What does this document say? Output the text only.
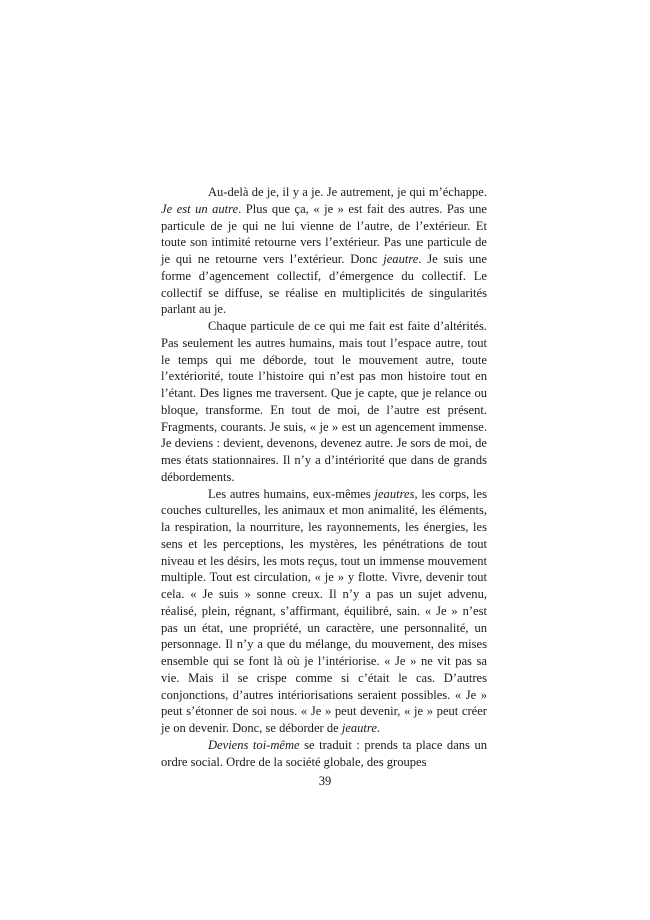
Au-delà de je, il y a je. Je autrement, je qui m’échappe. Je est un autre. Plus que ça, « je » est fait des autres. Pas une particule de je qui ne lui vienne de l’autre, de l’extérieur. Et toute son intimité retourne vers l’extérieur. Pas une particule de je qui ne retourne vers l’extérieur. Donc jeautre. Je suis une forme d’agencement collectif, d’émergence du collectif. Le collectif se diffuse, se réalise en multiplicités de singularités parlant au je.

Chaque particule de ce qui me fait est faite d’altérités. Pas seulement les autres humains, mais tout l’espace autre, tout le temps qui me déborde, tout le mouvement autre, toute l’extériorité, toute l’histoire qui n’est pas mon histoire tout en l’étant. Des lignes me traversent. Que je capte, que je relance ou bloque, transforme. En tout de moi, de l’autre est présent. Fragments, courants. Je suis, « je » est un agencement immense. Je deviens : devient, devenons, devenez autre. Je sors de moi, de mes états stationnaires. Il n’y a d’intériorité que dans de grands débordements.

Les autres humains, eux-mêmes jeautres, les corps, les couches culturelles, les animaux et mon animalité, les éléments, la respiration, la nourriture, les rayonnements, les énergies, les sens et les perceptions, les mystères, les pénétrations de tout niveau et les désirs, les mots reçus, tout un immense mouvement multiple. Tout est circulation, « je » y flotte. Vivre, devenir tout cela. « Je suis » sonne creux. Il n’y a pas un sujet advenu, réalisé, plein, régnant, s’affirmant, équilibré, sain. « Je » n’est pas un état, une propriété, un caractère, une personnalité, un personnage. Il n’y a que du mélange, du mouvement, des mises ensemble qui se font là où je l’intériorise. « Je » ne vit pas sa vie. Mais il se crispe comme si c’était le cas. D’autres conjonctions, d’autres intériorisations seraient possibles. « Je » peut s’étonner de soi nous. « Je » peut devenir, « je » peut créer je on devenir. Donc, se déborder de jeautre.

Deviens toi-même se traduit : prends ta place dans un ordre social. Ordre de la société globale, des groupes

39
